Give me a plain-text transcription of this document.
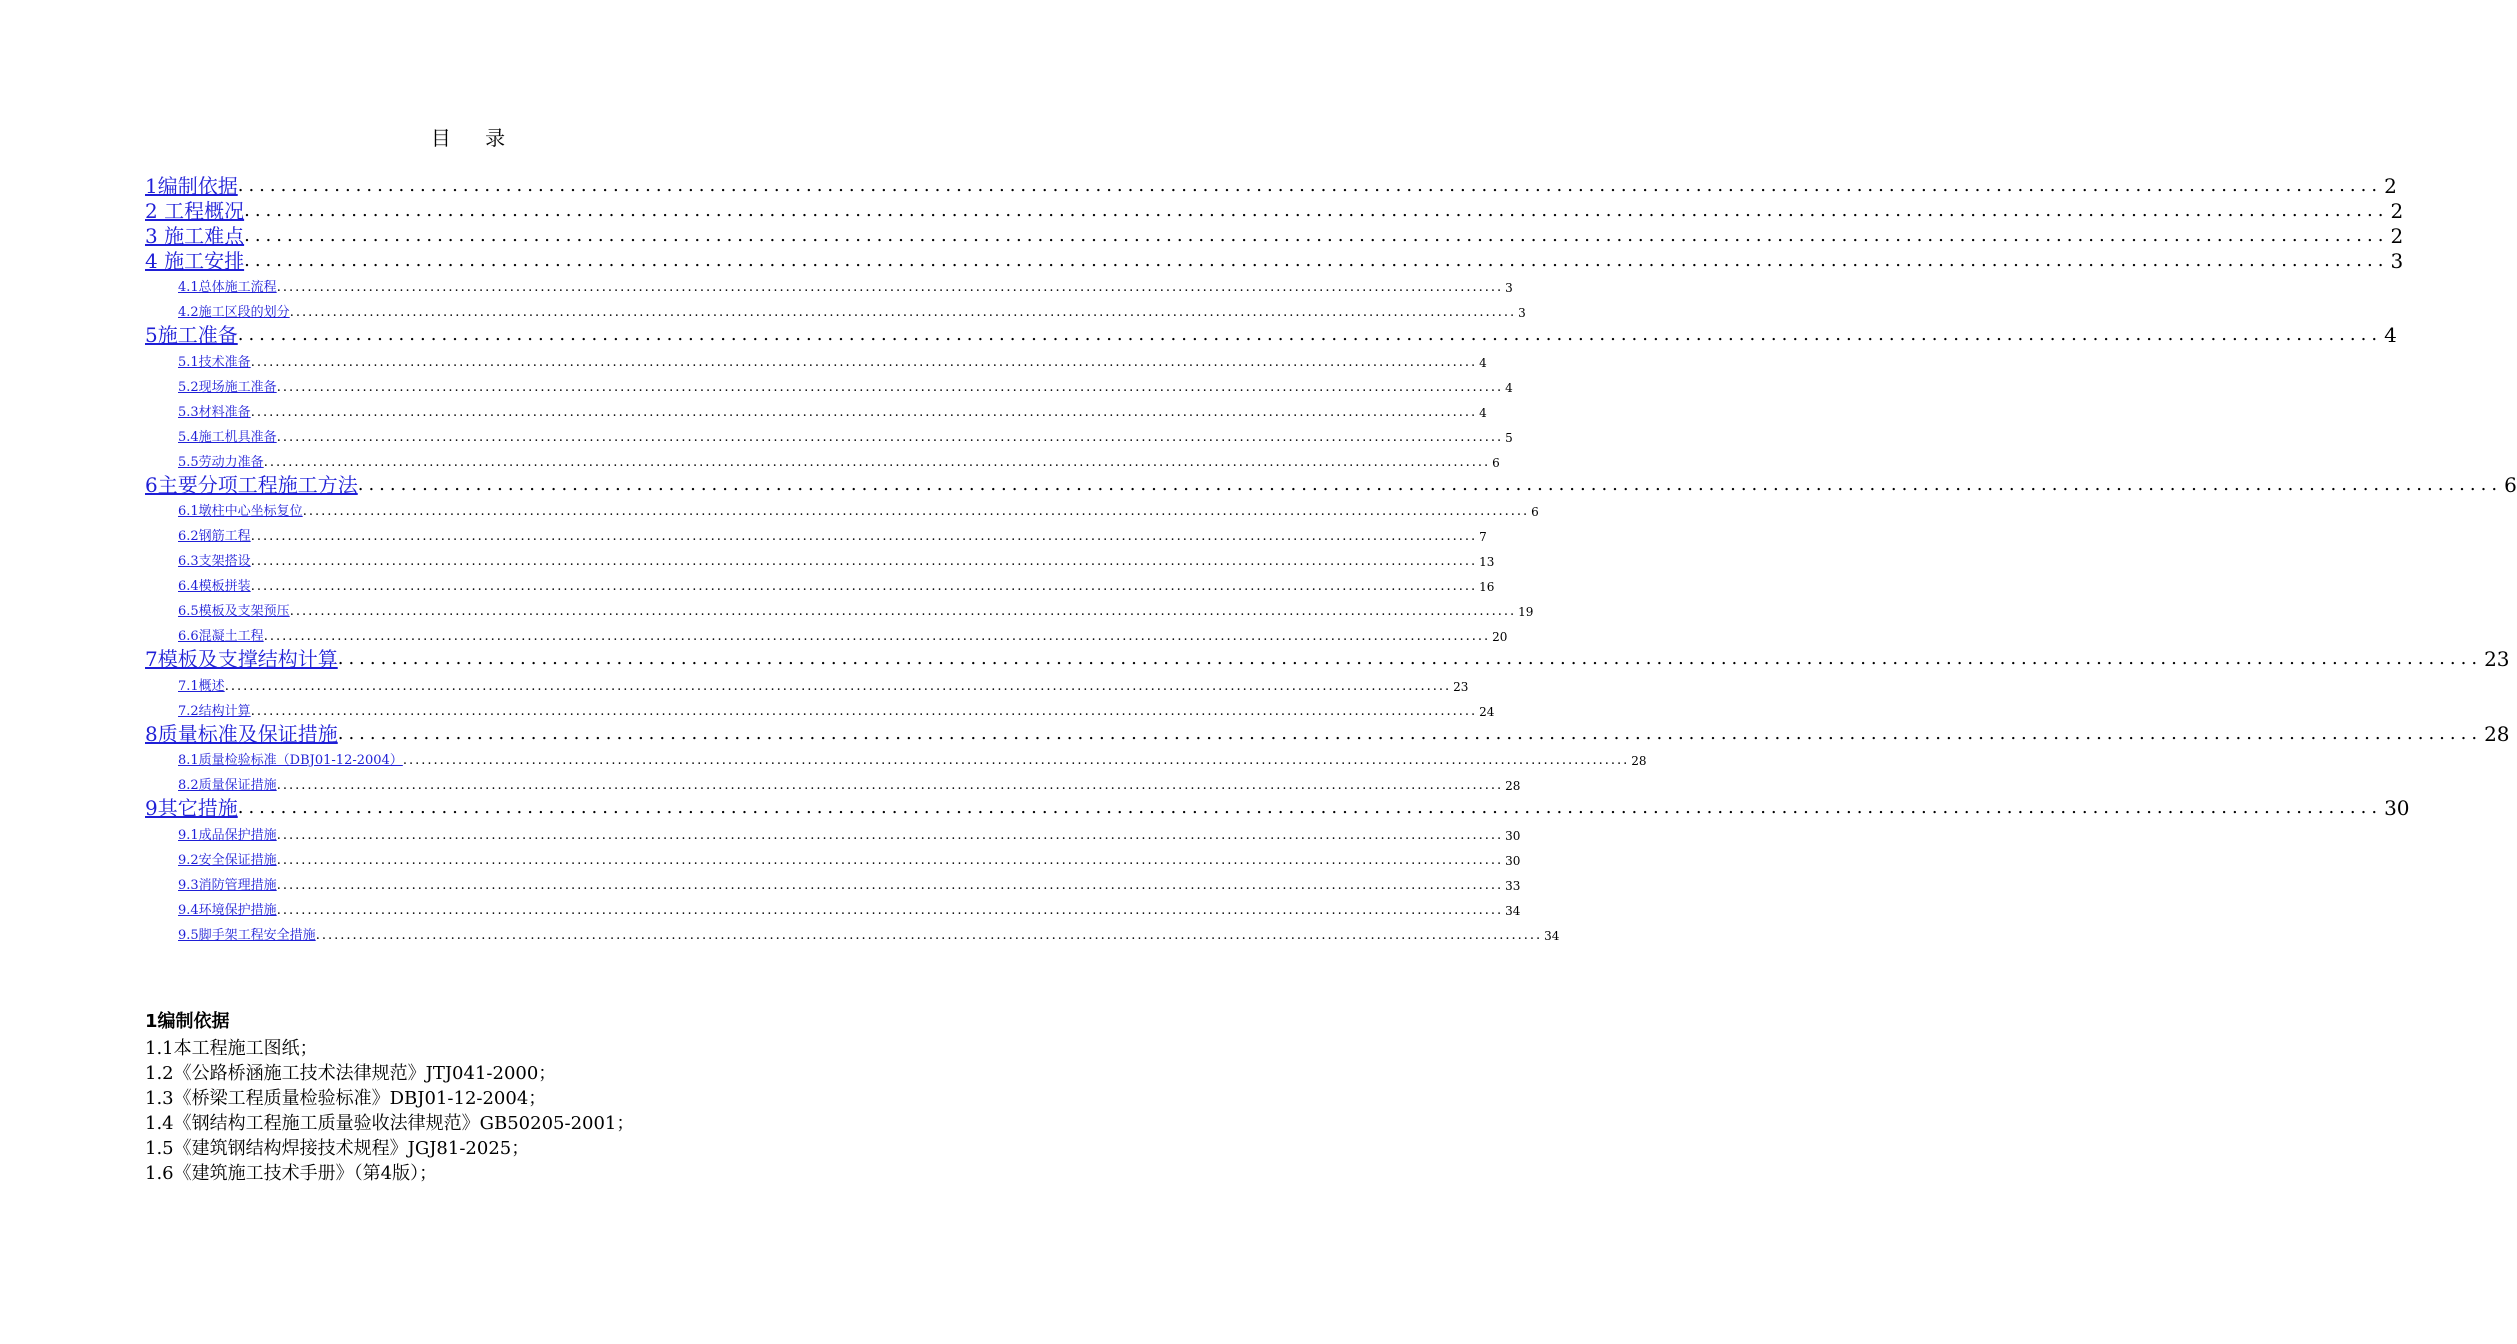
目 录
1编制依据 ........................................................................................................................................................................................................ 2
2 工程概况 ........................................................................................................................................................................................................ 2
3 施工难点 ........................................................................................................................................................................................................ 2
4 施工安排 ........................................................................................................................................................................................................ 3
4.1总体施工流程 ........................................................................................................................................................................................................ 3
4.2施工区段的划分 ........................................................................................................................................................................................................ 3
5施工准备 ........................................................................................................................................................................................................ 4
5.1技术准备 ........................................................................................................................................................................................................ 4
5.2现场施工准备 ........................................................................................................................................................................................................ 4
5.3材料准备 ........................................................................................................................................................................................................ 4
5.4施工机具准备 ........................................................................................................................................................................................................ 5
5.5劳动力准备 ........................................................................................................................................................................................................ 6
6主要分项工程施工方法 ........................................................................................................................................................................................................ 6
6.1墩柱中心坐标复位 ........................................................................................................................................................................................................ 6
6.2钢筋工程 ........................................................................................................................................................................................................ 7
6.3支架搭设 ........................................................................................................................................................................................................ 13
6.4模板拼装 ........................................................................................................................................................................................................ 16
6.5模板及支架预压 ........................................................................................................................................................................................................ 19
6.6混凝土工程 ........................................................................................................................................................................................................ 20
7模板及支撑结构计算 ........................................................................................................................................................................................................ 23
7.1概述 ........................................................................................................................................................................................................ 23
7.2结构计算 ........................................................................................................................................................................................................ 24
8质量标准及保证措施 ........................................................................................................................................................................................................ 28
8.1质量检验标准（DBJ01-12-2004） ........................................................................................................................................................................................................ 28
8.2质量保证措施 ........................................................................................................................................................................................................ 28
9其它措施 ........................................................................................................................................................................................................ 30
9.1成品保护措施 ........................................................................................................................................................................................................ 30
9.2安全保证措施 ........................................................................................................................................................................................................ 30
9.3消防管理措施 ........................................................................................................................................................................................................ 33
9.4环境保护措施 ........................................................................................................................................................................................................ 34
9.5脚手架工程安全措施 ........................................................................................................................................................................................................ 34
1编制依据
1.1本工程施工图纸；
1.2《公路桥涵施工技术法律规范》JTJ041-2000；
1.3《桥梁工程质量检验标准》DBJ01-12-2004；
1.4《钢结构工程施工质量验收法律规范》GB50205-2001；
1.5《建筑钢结构焊接技术规程》JGJ81-2025；
1.6《建筑施工技术手册》（第4版）；
